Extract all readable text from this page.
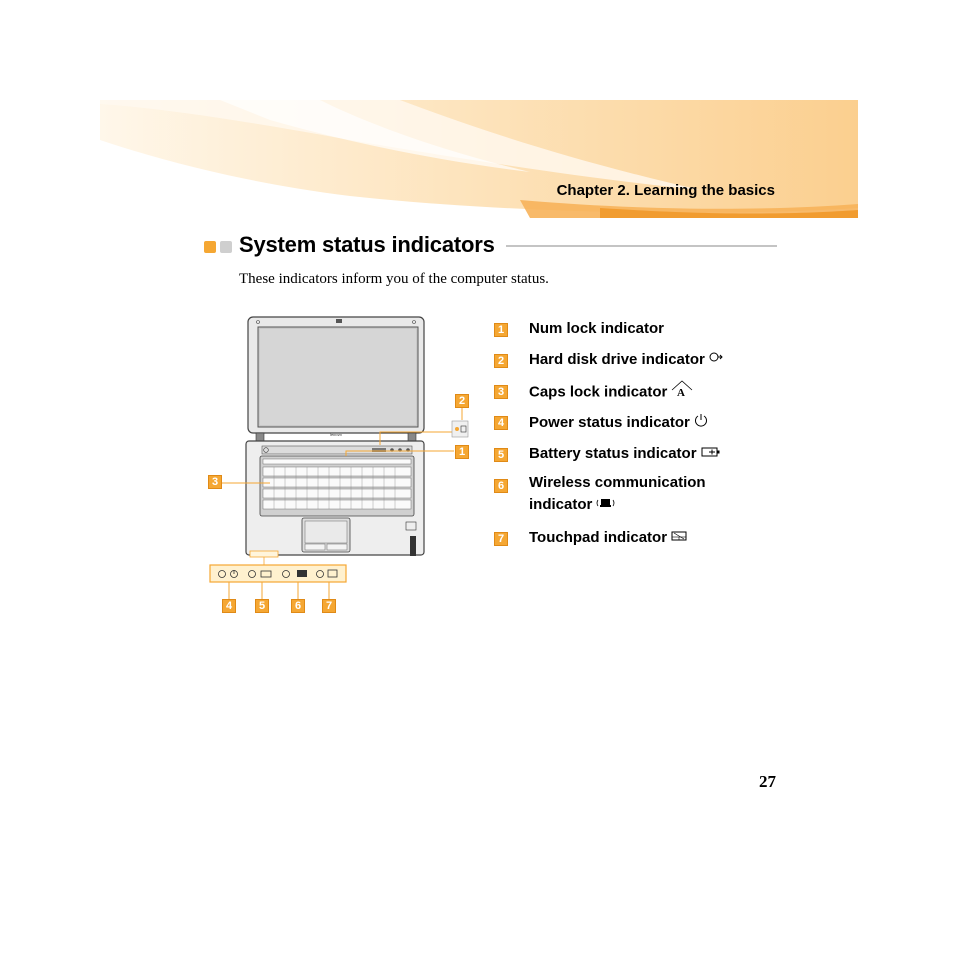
Chapter 2. Learning the basics
System status indicators
These indicators inform you of the computer status.
lenovo
2
1
3
4	5	6	7
1 Num lock indicator
2 Hard disk drive indicator
3 Caps lock indicator A
4 Power status indicator
5 Battery status indicator
6 Wireless communication
indicator
7 Touchpad indicator
27
